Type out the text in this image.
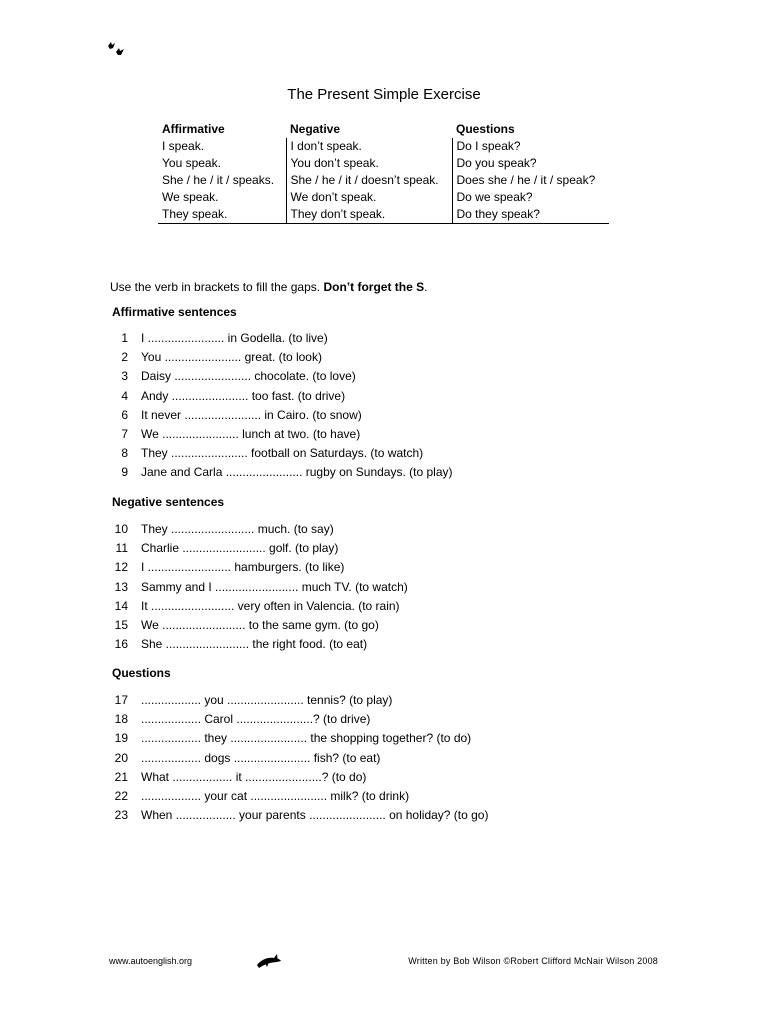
The Present Simple Exercise
Affirmative	Negative	Questions
I speak.	I don’t speak.	Do I speak?
You speak.	You don’t speak.	Do you speak?
She / he / it / speaks.	She / he / it / doesn’t speak.	Does she / he / it / speak?
We speak.	We don’t speak.	Do we speak?
They speak.	They don’t speak.	Do they speak?
Use the verb in brackets to fill the gaps. Don’t forget the S.
Affirmative sentences
1 I ....................... in Godella. (to live)
2 You ....................... great. (to look)
3 Daisy ....................... chocolate. (to love)
4 Andy ....................... too fast. (to drive)
6 It never ....................... in Cairo. (to snow)
7 We ....................... lunch at two. (to have)
8 They ....................... football on Saturdays. (to watch)
9 Jane and Carla ....................... rugby on Sundays. (to play)
Negative sentences
10 They ......................... much. (to say)
11 Charlie ......................... golf. (to play)
12 I ......................... hamburgers. (to like)
13 Sammy and I ......................... much TV. (to watch)
14 It ......................... very often in Valencia. (to rain)
15 We ......................... to the same gym. (to go)
16 She ......................... the right food. (to eat)
Questions
17 .................. you ....................... tennis? (to play)
18 .................. Carol .......................? (to drive)
19 .................. they ....................... the shopping together? (to do)
20 .................. dogs ....................... fish? (to eat)
21 What .................. it .......................? (to do)
22 .................. your cat ....................... milk? (to drink)
23 When .................. your parents ....................... on holiday? (to go)
www.autoenglish.org	Written by Bob Wilson ©Robert Clifford McNair Wilson 2008
